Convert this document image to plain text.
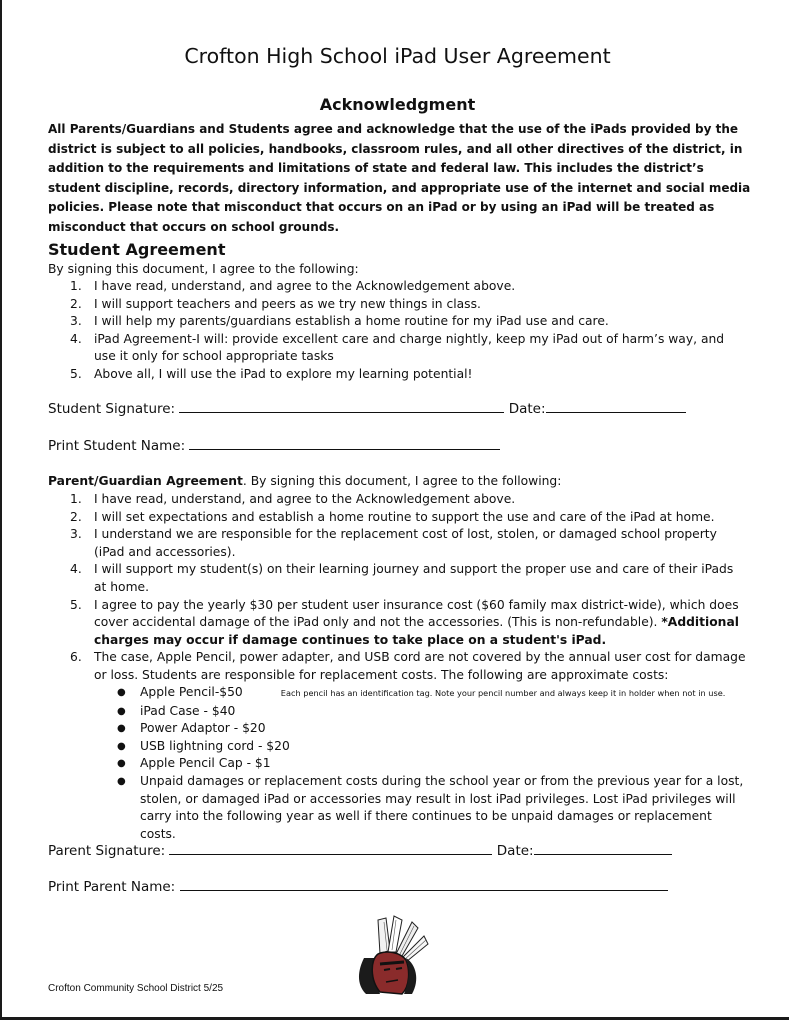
Crofton High School iPad User Agreement
Acknowledgment
All Parents/Guardians and Students agree and acknowledge that the use of the iPads provided by the district is subject to all policies, handbooks, classroom rules, and all other directives of the district, in addition to the requirements and limitations of state and federal law. This includes the district’s student discipline, records, directory information, and appropriate use of the internet and social media policies. Please note that misconduct that occurs on an iPad or by using an iPad will be treated as misconduct that occurs on school grounds.
Student Agreement
By signing this document, I agree to the following:
1. I have read, understand, and agree to the Acknowledgement above.
2. I will support teachers and peers as we try new things in class.
3. I will help my parents/guardians establish a home routine for my iPad use and care.
4. iPad Agreement-I will: provide excellent care and charge nightly, keep my iPad out of harm’s way, and use it only for school appropriate tasks
5. Above all, I will use the iPad to explore my learning potential!
Student Signature:	Date:
Print Student Name:
Parent/Guardian Agreement. By signing this document, I agree to the following:
1. I have read, understand, and agree to the Acknowledgement above.
2. I will set expectations and establish a home routine to support the use and care of the iPad at home.
3. I understand we are responsible for the replacement cost of lost, stolen, or damaged school property (iPad and accessories).
4. I will support my student(s) on their learning journey and support the proper use and care of their iPads at home.
5. I agree to pay the yearly $30 per student user insurance cost ($60 family max district-wide), which does cover accidental damage of the iPad only and not the accessories. (This is non-refundable). *Additional charges may occur if damage continues to take place on a student's iPad.
6. The case, Apple Pencil, power adapter, and USB cord are not covered by the annual user cost for damage or loss. Students are responsible for replacement costs. The following are approximate costs:
● Apple Pencil-$50	Each pencil has an identification tag. Note your pencil number and always keep it in holder when not in use.
● iPad Case - $40
● Power Adaptor - $20
● USB lightning cord - $20
● Apple Pencil Cap - $1
● Unpaid damages or replacement costs during the school year or from the previous year for a lost, stolen, or damaged iPad or accessories may result in lost iPad privileges. Lost iPad privileges will carry into the following year as well if there continues to be unpaid damages or replacement costs.
Parent Signature:	Date:
Print Parent Name:
Crofton Community School District 5/25
